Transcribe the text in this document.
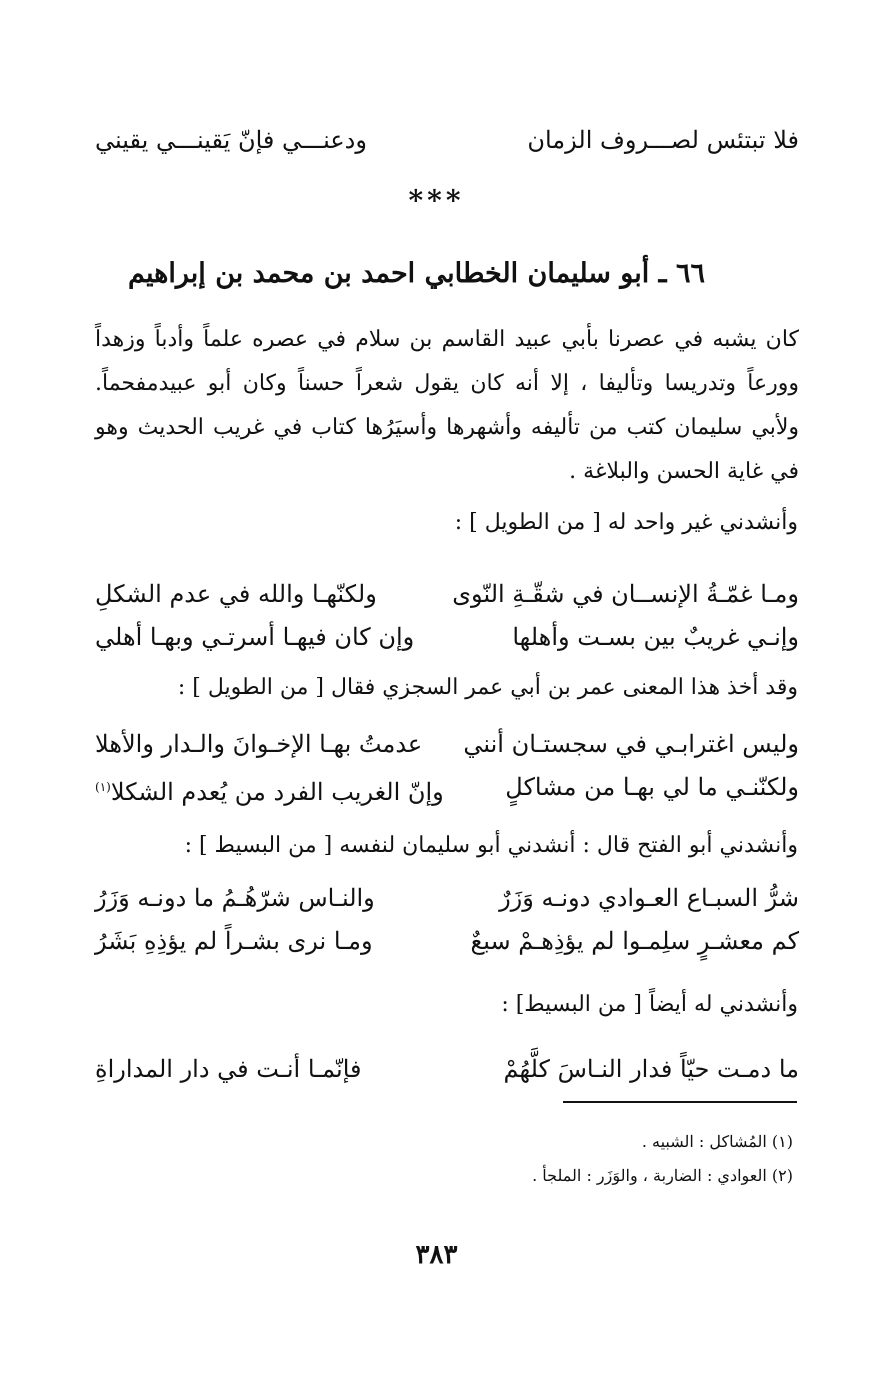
فلا تبتئس لصـــروف الزمان
ودعنـــي فإنّ يَقينـــي يقيني
***
٦٦ ـ أبو سليمان الخطابي احمد بن محمد بن إبراهيم
كان يشبه في عصرنا بأبي عبيد القاسم بن سلام في عصره علماً وأدباً وزهداً وورعاً وتدريسا وتأليفا ، إلا أنه كان يقول شعراً حسناً وكان أبو عبيدمفحماً. ولأبي سليمان كتب من تأليفه وأشهرها وأسيَرُها كتاب في غريب الحديث وهو في غاية الحسن والبلاغة .
وأنشدني غير واحد له [ من الطويل ] :
ومـا غمّـةُ الإنســان في شقّـةِ النّوى
ولكنّهـا والله في عدم الشكلِ
وإنـي غريبٌ بين بسـت وأهلها
وإن كان فيهـا أسرتـي وبهـا أهلي
وقد أخذ هذا المعنى عمر بن أبي عمر السجزي فقال [ من الطويل ] :
وليس اغترابـي في سجستـان أنني
عدمتُ بهـا الإخـوانَ والـدار والأهلا
ولكنّنـي ما لي بهـا من مشاكلٍ
وإنّ الغريب الفرد من يُعدم الشكلا$^{(١)}$
وأنشدني أبو الفتح قال : أنشدني أبو سليمان لنفسه [ من البسيط ] :
شرُّ السبـاع العـوادي دونـه وَزَرٌ
والنـاس شرّهُـمُ ما دونـه وَزَرُ
كم معشـرٍ سلِمـوا لم يؤذِهـمْ سبعٌ
ومـا نرى بشـراً لم يؤذِهِ بَشَرُ
وأنشدني له أيضاً [ من البسيط] :
ما دمـت حيّاً فدار النـاسَ كلَّهُمْ
فإنّمـا أنـت في دار المداراةِ
(١) المُشاكل : الشبيه .
(٢) العوادي : الضاربة ، والوَزَر : الملجأ .
٣٨٣
